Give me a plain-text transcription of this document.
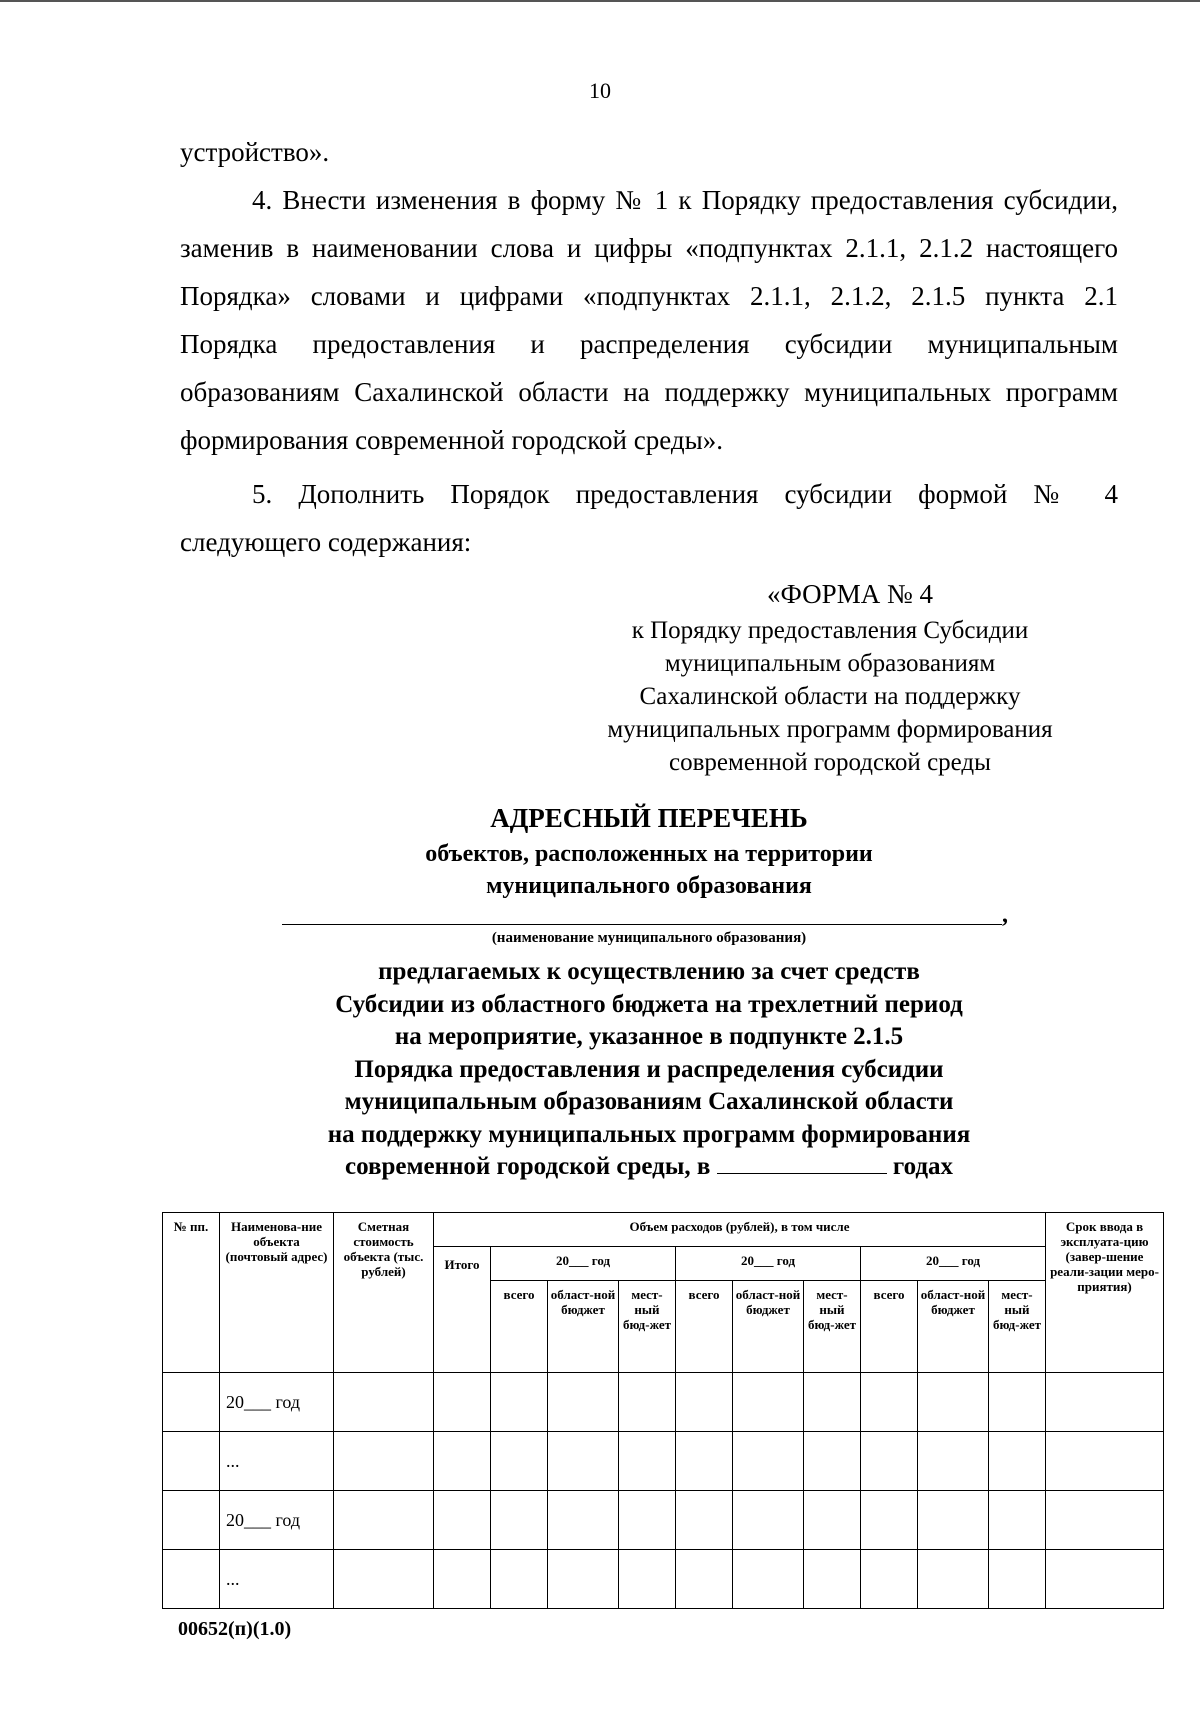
10
устройство».
4. Внести изменения в форму № 1 к Порядку предоставления субсидии,
заменив в наименовании слова и цифры «подпунктах 2.1.1, 2.1.2 настоящего
Порядка» словами и цифрами «подпунктах 2.1.1, 2.1.2, 2.1.5 пункта 2.1
Порядка предоставления и распределения субсидии муниципальным
образованиям Сахалинской области на поддержку муниципальных программ
формирования современной городской среды».
5. Дополнить Порядок предоставления субсидии формой № 4
следующего содержания:
«ФОРМА № 4
к Порядку предоставления Субсидии
муниципальным образованиям
Сахалинской области на поддержку
муниципальных программ формирования
современной городской среды
АДРЕСНЫЙ ПЕРЕЧЕНЬ
объектов, расположенных на территории
муниципального образования
,
(наименование муниципального образования)
предлагаемых к осуществлению за счет средств
Субсидии из областного бюджета на трехлетний период
на мероприятие, указанное в подпункте 2.1.5
Порядка предоставления и распределения субсидии
муниципальным образованиям Сахалинской области
на поддержку муниципальных программ формирования
современной городской среды, в	годах
№ пп.	Наименова-ние объекта (почтовый адрес)	Сметная стоимость объекта (тыс. рублей)	Объем расходов (рублей), в том числе										Срок ввода в эксплуата-цию (завер-шение реали-зации меро-приятия)
			Итого	20___ год			20___ год			20___ год			
				всего	област-ной бюджет	мест-ный бюд-жет	всего	област-ной бюджет	мест-ный бюд-жет	всего	област-ной бюджет	мест-ный бюд-жет	
	20___ год												
	...												
	20___ год												
	...												
00652(п)(1.0)
